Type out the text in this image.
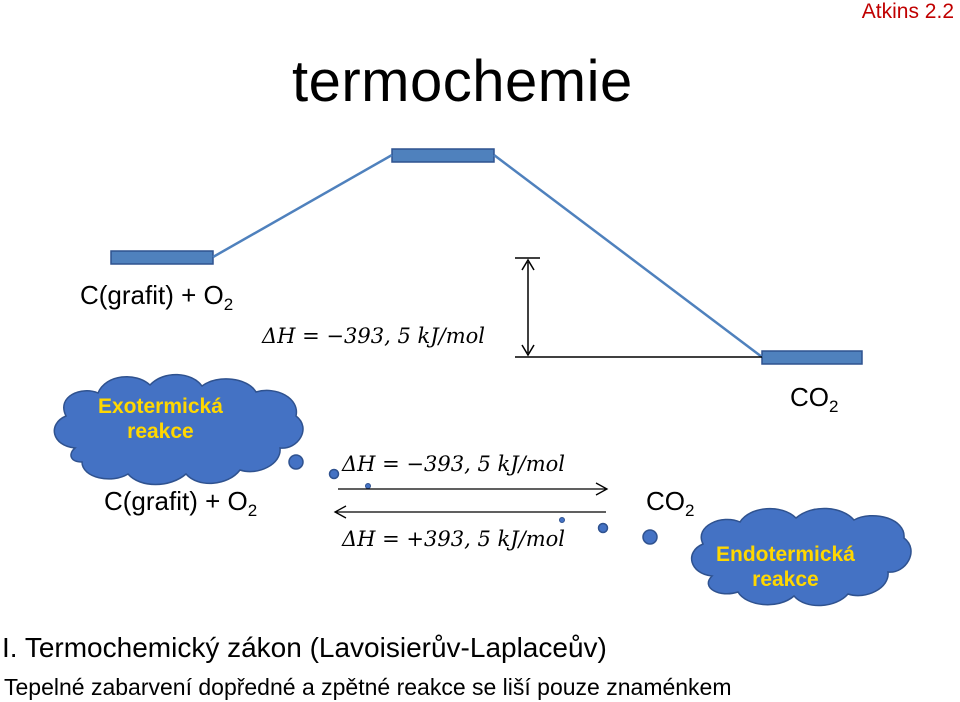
Atkins 2.2
termochemie
C(grafit) + $O_2$
ΔH = −393, 5 kJ/mol
$CO_2$
Exotermická
reakce
Endotermická
reakce
C(grafit) + $O_2$
ΔH = −393, 5 kJ/mol
ΔH = +393, 5 kJ/mol
$CO_2$
I. Termochemický zákon (Lavoisierův-Laplaceův)
Tepelné zabarvení dopředné a zpětné reakce se liší pouze znaménkem
